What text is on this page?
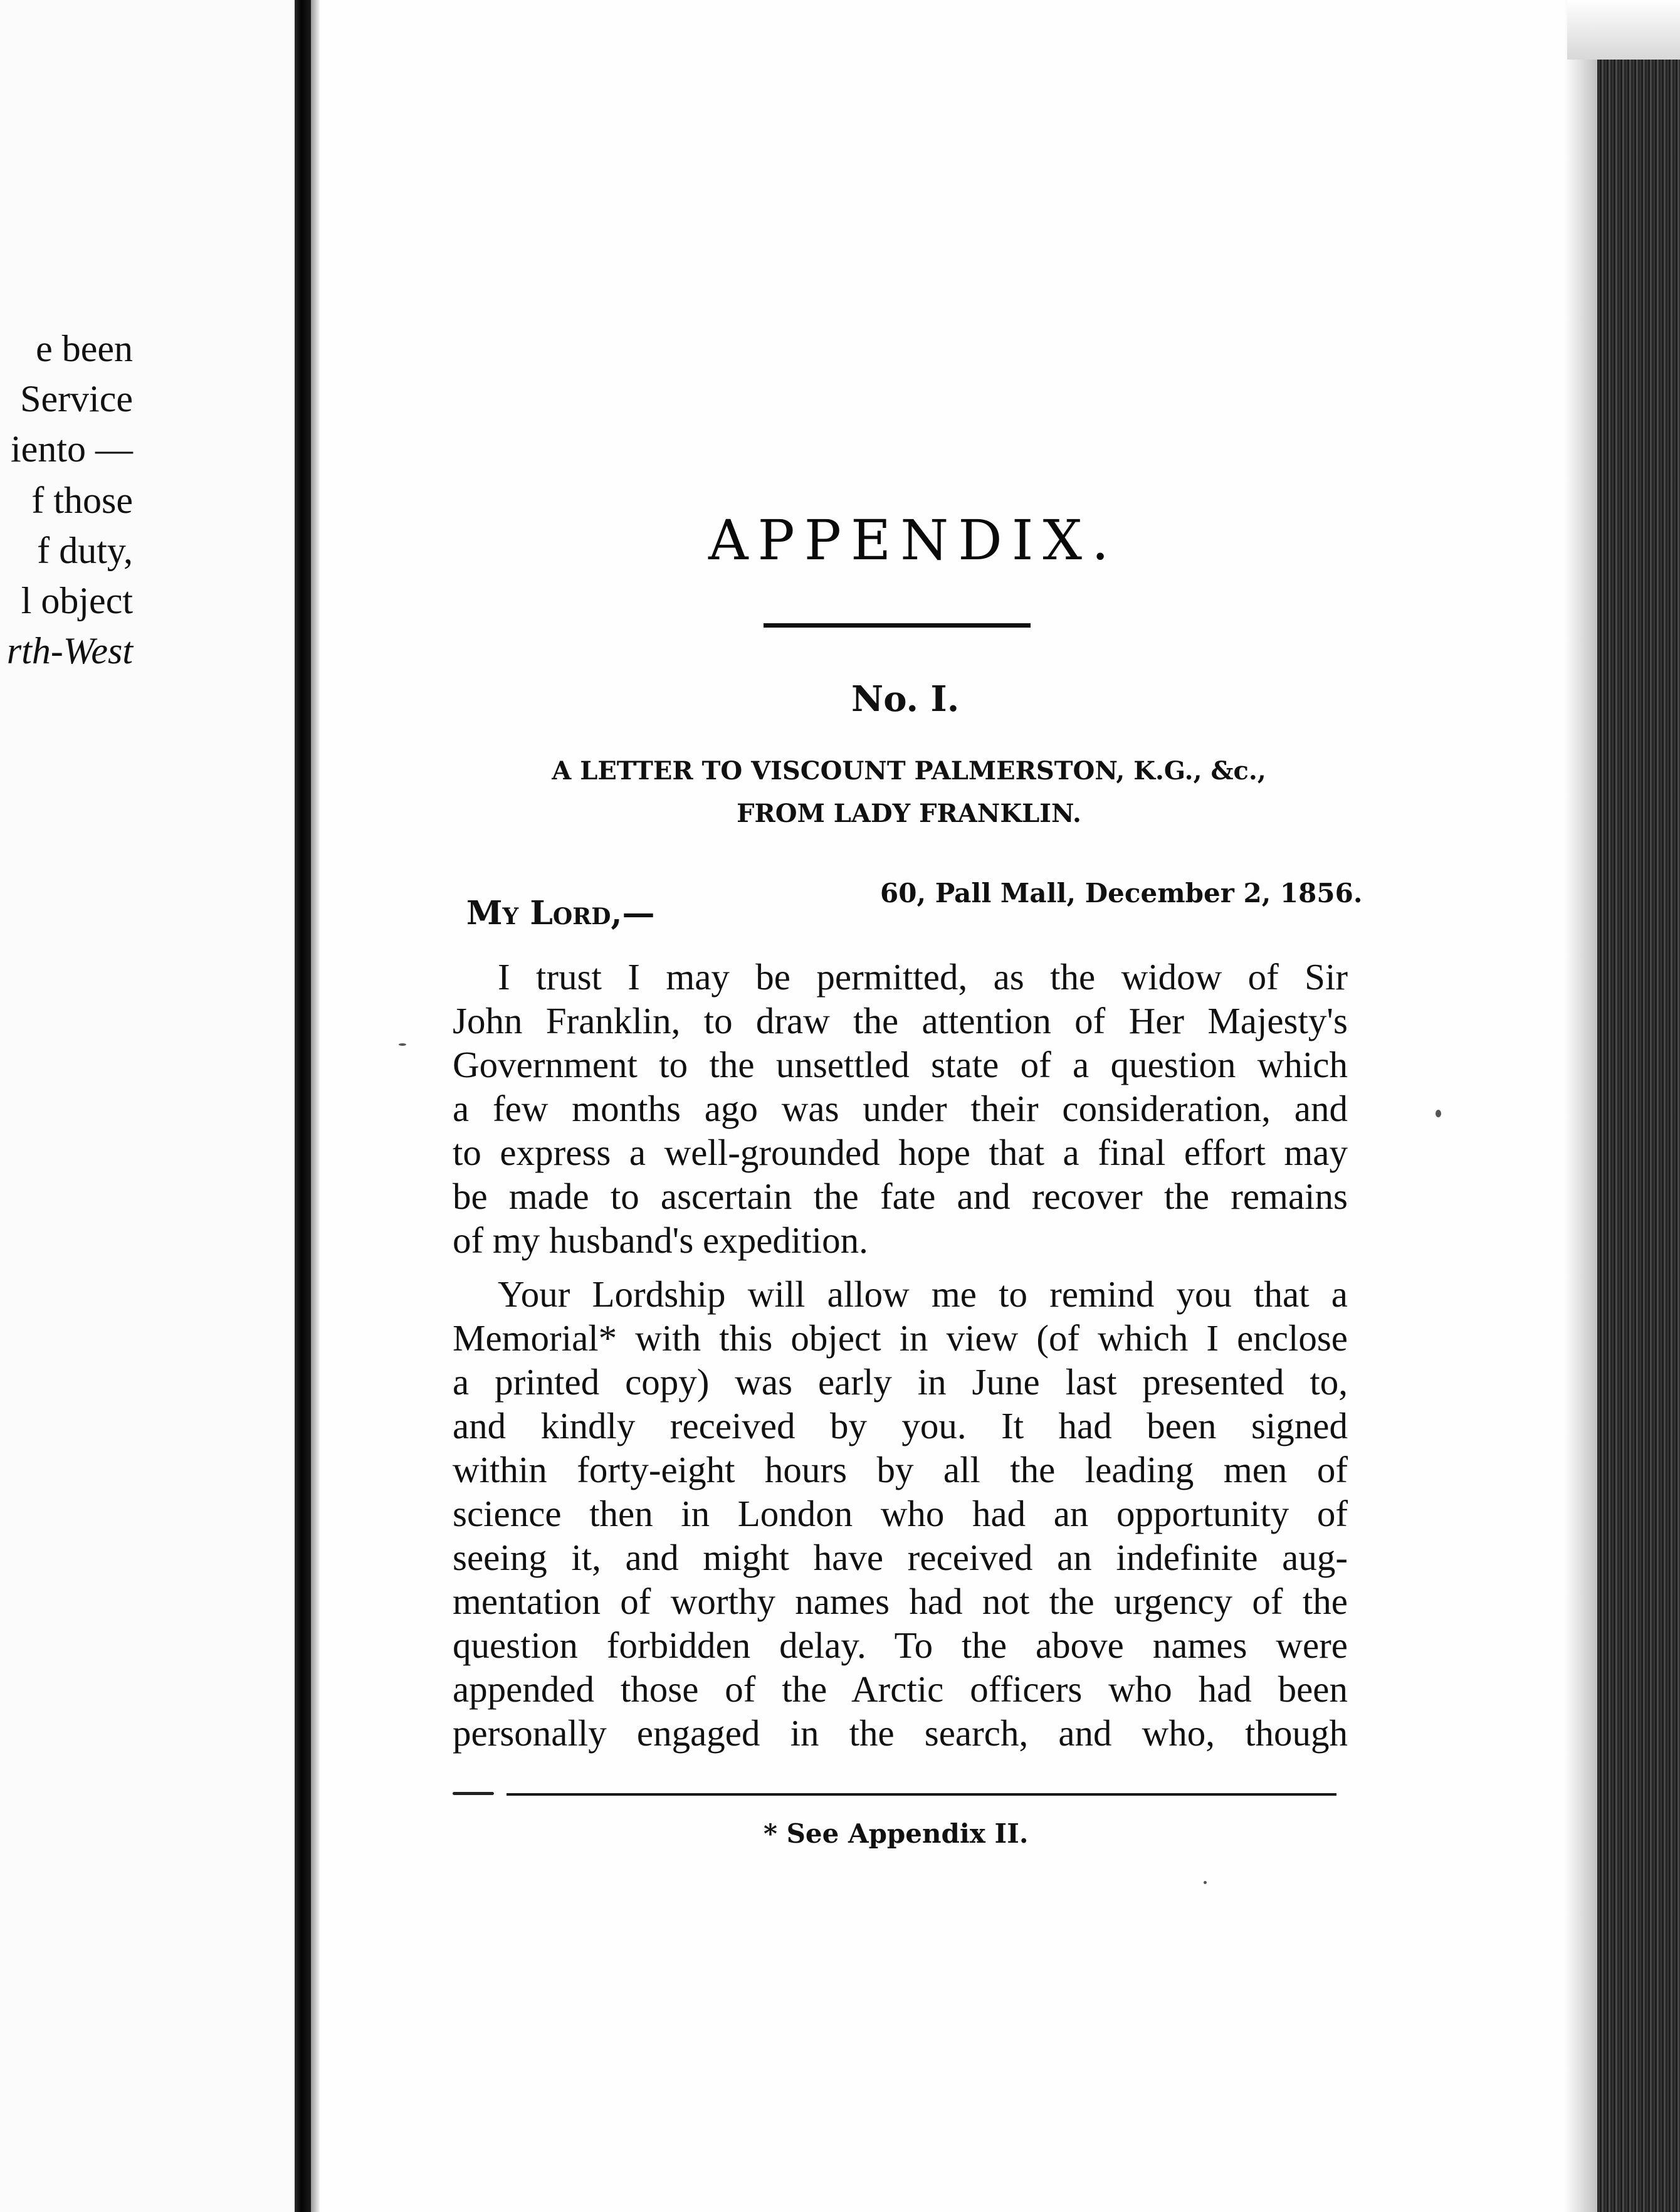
e been

Service

iento —

f those

f duty,

l object

rth-West

APPENDIX.
No. I.
A LETTER TO VISCOUNT PALMERSTON, K.G., &c.,
FROM LADY FRANKLIN.

60, Pall Mall, December 2, 1856.

My Lord,—

I trust I may be permitted, as the widow of Sir

John Franklin, to draw the attention of Her Majesty's

Government to the unsettled state of a question which

a few months ago was under their consideration, and

to express a well-grounded hope that a final effort may

be made to ascertain the fate and recover the remains

of my husband's expedition.

Your Lordship will allow me to remind you that a

Memorial* with this object in view (of which I enclose

a printed copy) was early in June last presented to,

and kindly received by you. It had been signed

within forty-eight hours by all the leading men of

science then in London who had an opportunity of

seeing it, and might have received an indefinite aug-

mentation of worthy names had not the urgency of the

question forbidden delay. To the above names were

appended those of the Arctic officers who had been

personally engaged in the search, and who, though

* See Appendix II.
